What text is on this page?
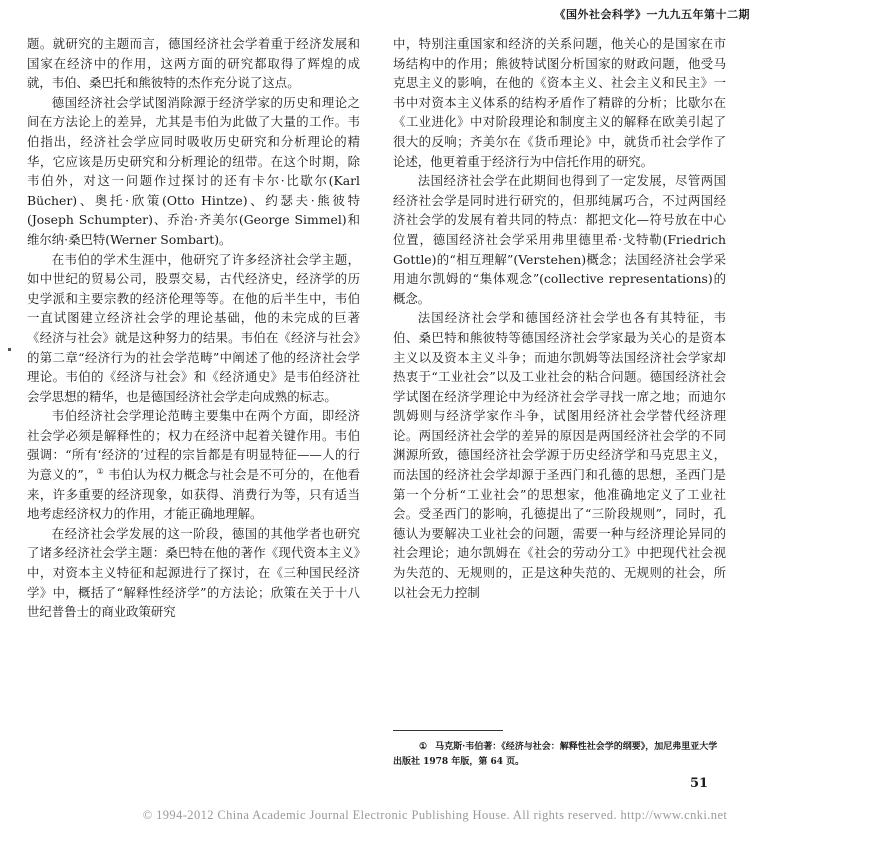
《国外社会科学》一九九五年第十二期

题。就研究的主题而言，德国经济社会学着重于经济发展和国家在经济中的作用，这两方面的研究都取得了辉煌的成就，韦伯、桑巴托和熊彼特的杰作充分说了这点。

德国经济社会学试图消除源于经济学家的历史和理论之间在方法论上的差异，尤其是韦伯为此做了大量的工作。韦伯指出，经济社会学应同时吸收历史研究和分析理论的精华，它应该是历史研究和分析理论的纽带。在这个时期，除韦伯外，对这一问题作过探讨的还有卡尔·比歇尔(Karl Bücher)、奥托·欣策(Otto Hintze)、约瑟夫·熊彼特(Joseph Schumpter)、乔治·齐美尔(George Simmel)和维尔纳·桑巴特(Werner Sombart)。

在韦伯的学术生涯中，他研究了许多经济社会学主题，如中世纪的贸易公司，股票交易，古代经济史，经济学的历史学派和主要宗教的经济伦理等等。在他的后半生中，韦伯一直试图建立经济社会学的理论基础，他的未完成的巨著《经济与社会》就是这种努力的结果。韦伯在《经济与社会》的第二章“经济行为的社会学范畴”中阐述了他的经济社会学理论。韦伯的《经济与社会》和《经济通史》是韦伯经济社会学思想的精华，也是德国经济社会学走向成熟的标志。

韦伯经济社会学理论范畴主要集中在两个方面，即经济社会学必须是解释性的；权力在经济中起着关键作用。韦伯强调：“所有‘经济的’过程的宗旨都是有明显特征——人的行为意义的”，① 韦伯认为权力概念与社会是不可分的，在他看来，许多重要的经济现象，如获得、消费行为等，只有适当地考虑经济权力的作用，才能正确地理解。

在经济社会学发展的这一阶段，德国的其他学者也研究了诸多经济社会学主题：桑巴特在他的著作《现代资本主义》中，对资本主义特征和起源进行了探讨，在《三种国民经济学》中，概括了“解释性经济学”的方法论；欣策在关于十八世纪普鲁士的商业政策研究

中，特别注重国家和经济的关系问题，他关心的是国家在市场结构中的作用；熊彼特试图分析国家的财政问题，他受马克思主义的影响，在他的《资本主义、社会主义和民主》一书中对资本主义体系的结构矛盾作了精辟的分析；比歇尔在《工业进化》中对阶段理论和制度主义的解释在欧美引起了很大的反响；齐美尔在《货币理论》中，就货币社会学作了论述，他更着重于经济行为中信托作用的研究。

法国经济社会学在此期间也得到了一定发展，尽管两国经济社会学是同时进行研究的，但那纯属巧合，不过两国经济社会学的发展有着共同的特点：都把文化—符号放在中心位置，德国经济社会学采用弗里德里希·戈特勒(Friedrich Gottle)的“相互理解”(Verstehen)概念；法国经济社会学采用迪尔凯姆的“集体观念”(collective representations)的概念。

法国经济社会学和德国经济社会学也各有其特征，韦伯、桑巴特和熊彼特等德国经济社会学家最为关心的是资本主义以及资本主义斗争；而迪尔凯姆等法国经济社会学家却热衷于“工业社会”以及工业社会的粘合问题。德国经济社会学试图在经济学理论中为经济社会学寻找一席之地；而迪尔凯姆则与经济学家作斗争，试图用经济社会学替代经济理论。两国经济社会学的差异的原因是两国经济社会学的不同渊源所致，德国经济社会学源于历史经济学和马克思主义，而法国的经济社会学却源于圣西门和孔德的思想，圣西门是第一个分析“工业社会”的思想家，他准确地定义了工业社会。受圣西门的影响，孔德提出了“三阶段规则”，同时，孔德认为要解决工业社会的问题，需要一种与经济理论异同的社会理论；迪尔凯姆在《社会的劳动分工》中把现代社会视为失范的、无规则的，正是这种失范的、无规则的社会，所以社会无力控制

① 马克斯·韦伯著：《经济与社会：解释性社会学的纲要》，加尼弗里亚大学出版社 1978 年版，第 64 页。
51
© 1994-2012 China Academic Journal Electronic Publishing House. All rights reserved. http://www.cnki.net
